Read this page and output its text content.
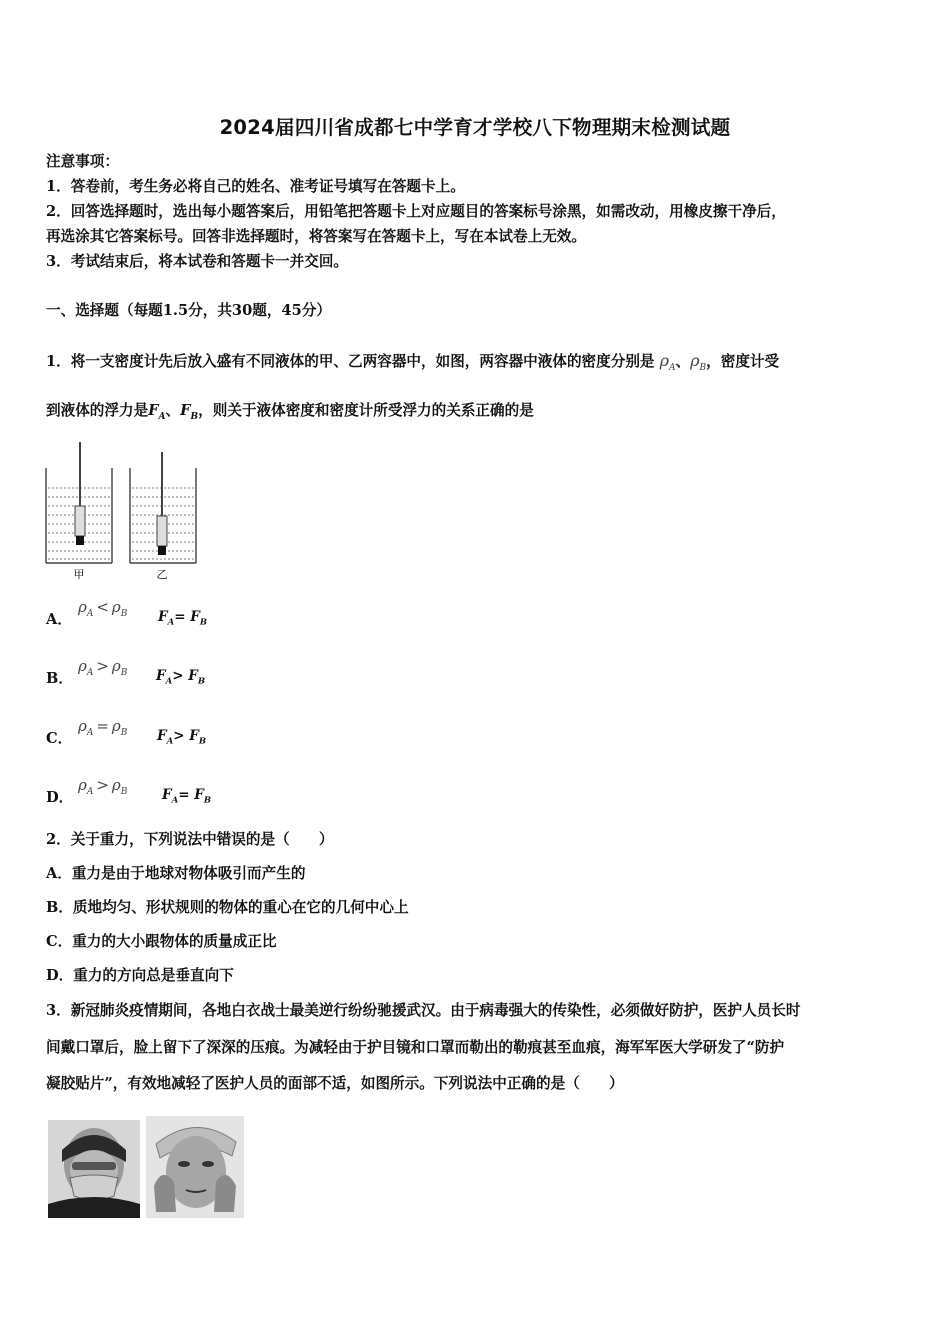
2024届四川省成都七中学育才学校八下物理期末检测试题
注意事项：
1．答卷前，考生务必将自己的姓名、准考证号填写在答题卡上。
2．回答选择题时，选出每小题答案后，用铅笔把答题卡上对应题目的答案标号涂黑，如需改动，用橡皮擦干净后，
再选涂其它答案标号。回答非选择题时，将答案写在答题卡上，写在本试卷上无效。
3．考试结束后，将本试卷和答题卡一并交回。
一、选择题（每题1.5分，共30题，45分）
1．将一支密度计先后放入盛有不同液体的甲、乙两容器中，如图，两容器中液体的密度分别是 $\rho_A$、$\rho_B$，密度计受
到液体的浮力是$F_A$、$F_B$，则关于液体密度和密度计所受浮力的关系正确的是
甲	乙
A．
$\rho_A < \rho_B$ $F_A= F_B$
B．
$\rho_A > \rho_B$ $F_A> F_B$
C．
$\rho_A = \rho_B$ $F_A> F_B$
D．
$\rho_A > \rho_B$	$F_A= F_B$
2．关于重力，下列说法中错误的是（　　）
A．重力是由于地球对物体吸引而产生的
B．质地均匀、形状规则的物体的重心在它的几何中心上
C．重力的大小跟物体的质量成正比
D．重力的方向总是垂直向下
3．新冠肺炎疫情期间，各地白衣战士最美逆行纷纷驰援武汉。由于病毒强大的传染性，必须做好防护，医护人员长时
间戴口罩后，脸上留下了深深的压痕。为减轻由于护目镜和口罩而勒出的勒痕甚至血痕，海军军医大学研发了“防护
凝胶贴片”，有效地减轻了医护人员的面部不适，如图所示。下列说法中正确的是（　　）
